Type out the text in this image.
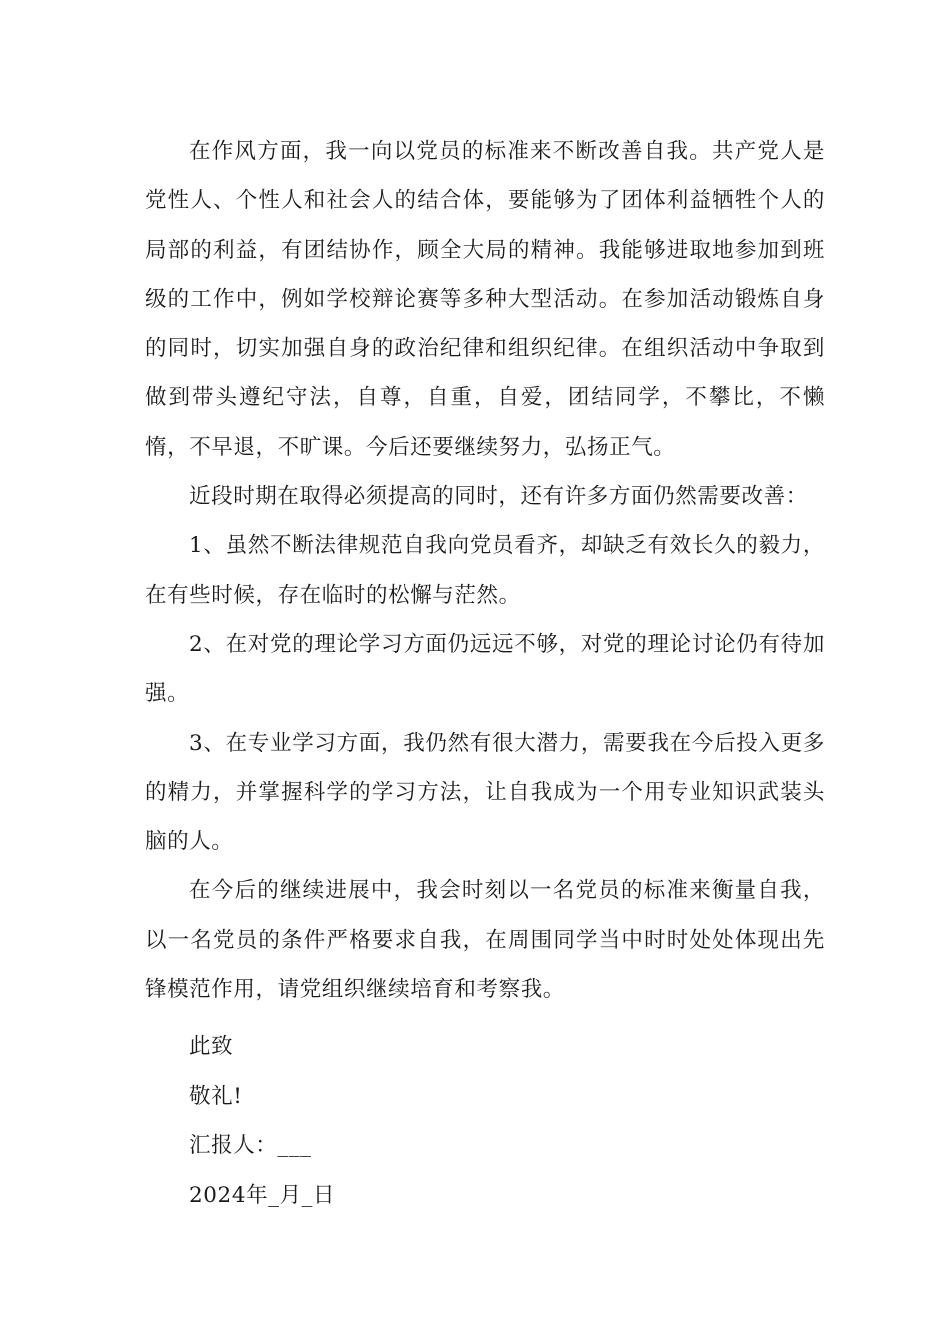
在作风方面，我一向以党员的标准来不断改善自我。共产党人是党性人、个性人和社会人的结合体，要能够为了团体利益牺牲个人的局部的利益，有团结协作，顾全大局的精神。我能够进取地参加到班级的工作中，例如学校辩论赛等多种大型活动。在参加活动锻炼自身的同时，切实加强自身的政治纪律和组织纪律。在组织活动中争取到做到带头遵纪守法，自尊，自重，自爱，团结同学，不攀比，不懒惰，不早退，不旷课。今后还要继续努力，弘扬正气。

近段时期在取得必须提高的同时，还有许多方面仍然需要改善：

1、虽然不断法律规范自我向党员看齐，却缺乏有效长久的毅力，在有些时候，存在临时的松懈与茫然。

2、在对党的理论学习方面仍远远不够，对党的理论讨论仍有待加强。

3、在专业学习方面，我仍然有很大潜力，需要我在今后投入更多的精力，并掌握科学的学习方法，让自我成为一个用专业知识武装头脑的人。

在今后的继续进展中，我会时刻以一名党员的标准来衡量自我，以一名党员的条件严格要求自我，在周围同学当中时时处处体现出先锋模范作用，请党组织继续培育和考察我。

此致

敬礼!

汇报人：___

2024年_月_日
